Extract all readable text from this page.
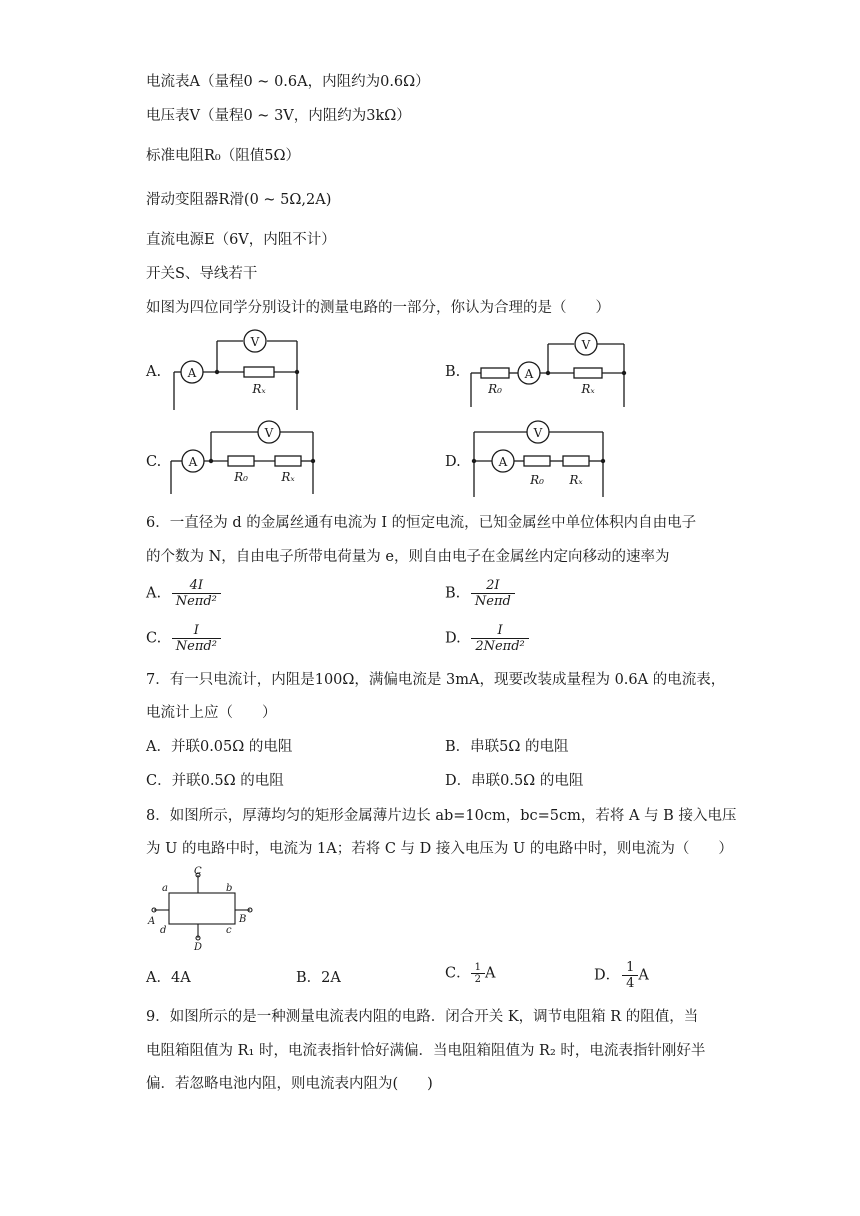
电流表A（量程0 ~ 0.6A，内阻约为0.6Ω）
电压表V（量程0 ~ 3V，内阻约为3kΩ）
标准电阻R₀（阻值5Ω）
滑动变阻器R滑(0 ~ 5Ω,2A)
直流电源E（6V，内阻不计）
开关S、导线若干
如图为四位同学分别设计的测量电路的一部分，你认为合理的是（　　）
A.	B.
C.	D.
A
V
Rₓ
A
V
R₀	Rₓ
A
V
R₀	Rₓ
V
A
R₀ Rₓ
6．一直径为 d 的金属丝通有电流为 I 的恒定电流，已知金属丝中单位体积内自由电子
的个数为 N，自由电子所带电荷量为 e，则自由电子在金属丝内定向移动的速率为
A. $\frac{4I}{\text{Neπd²}}$	B. $\frac{2I}{\text{Neπd}}$
C. $\frac{I}{\text{Neπd²}}$	D. $\frac{I}{\text{2Neπd²}}$
7．有一只电流计，内阻是100Ω，满偏电流是 3mA，现要改装成量程为 0.6A 的电流表，
电流计上应（　　）
A．并联0.05Ω 的电阻	B．串联5Ω 的电阻
C．并联0.5Ω 的电阻	D．串联0.5Ω 的电阻
8．如图所示，厚薄均匀的矩形金属薄片边长 ab=10cm，bc=5cm，若将 A 与 B 接入电压
为 U 的电路中时，电流为 1A；若将 C 与 D 接入电压为 U 的电路中时，则电流为（　　）
C
D
A	B
a	b
c
d
A．4A	B．2A	C． $\frac{1}{2}$ A	D． $\frac{1}{4}$ A
9．如图所示的是一种测量电流表内阻的电路．闭合开关 K，调节电阻箱 R 的阻值，当
电阻箱阻值为 R₁ 时，电流表指针恰好满偏．当电阻箱阻值为 R₂ 时，电流表指针刚好半
偏．若忽略电池内阻，则电流表内阻为(　　)
